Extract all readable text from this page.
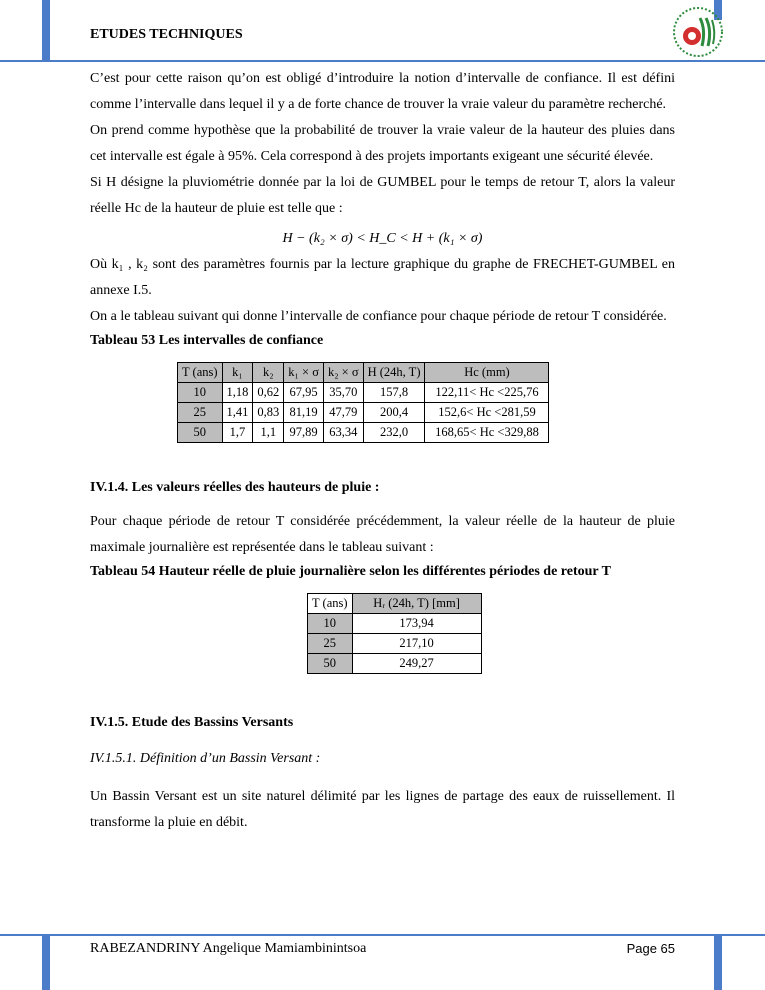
ETUDES TECHNIQUES

C’est pour cette raison qu’on est obligé d’introduire la notion d’intervalle de confiance. Il est défini comme l’intervalle dans lequel il y a de forte chance de trouver la vraie valeur du paramètre recherché.

On prend comme hypothèse que la probabilité de trouver la vraie valeur de la hauteur des pluies dans cet intervalle est égale à 95%. Cela correspond à des projets importants exigeant une sécurité élevée.

Si H désigne la pluviométrie donnée par la loi de GUMBEL pour le temps de retour T, alors la valeur réelle Hc de la hauteur de pluie est telle que :

H − (k₂ × σ) < H_C < H + (k₁ × σ)

Où k₁ , k₂ sont des paramètres fournis par la lecture graphique du graphe de FRECHET-GUMBEL en annexe I.5.

On a le tableau suivant qui donne l’intervalle de confiance pour chaque période de retour T considérée.

Tableau 53 Les intervalles de confiance
T (ans)	k₁	k₂	k₁ × σ	k₂ × σ	H (24h, T)	Hc (mm)
10	1,18	0,62	67,95	35,70	157,8	122,11< Hc <225,76
25	1,41	0,83	81,19	47,79	200,4	152,6< Hc <281,59
50	1,7	1,1	97,89	63,34	232,0	168,65< Hc <329,88
IV.1.4. Les valeurs réelles des hauteurs de pluie :

Pour chaque période de retour T considérée précédemment, la valeur réelle de la hauteur de pluie maximale journalière est représentée dans le tableau suivant :

Tableau 54 Hauteur réelle de pluie journalière selon les différentes périodes de retour T
T (ans)	Hᵣ (24h, T) [mm]
10	173,94
25	217,10
50	249,27
IV.1.5. Etude des Bassins Versants
IV.1.5.1. Définition d’un Bassin Versant :

Un Bassin Versant est un site naturel délimité par les lignes de partage des eaux de ruissellement. Il transforme la pluie en débit.

RABEZANDRINY Angelique Mamiambinintsoa	Page 65
